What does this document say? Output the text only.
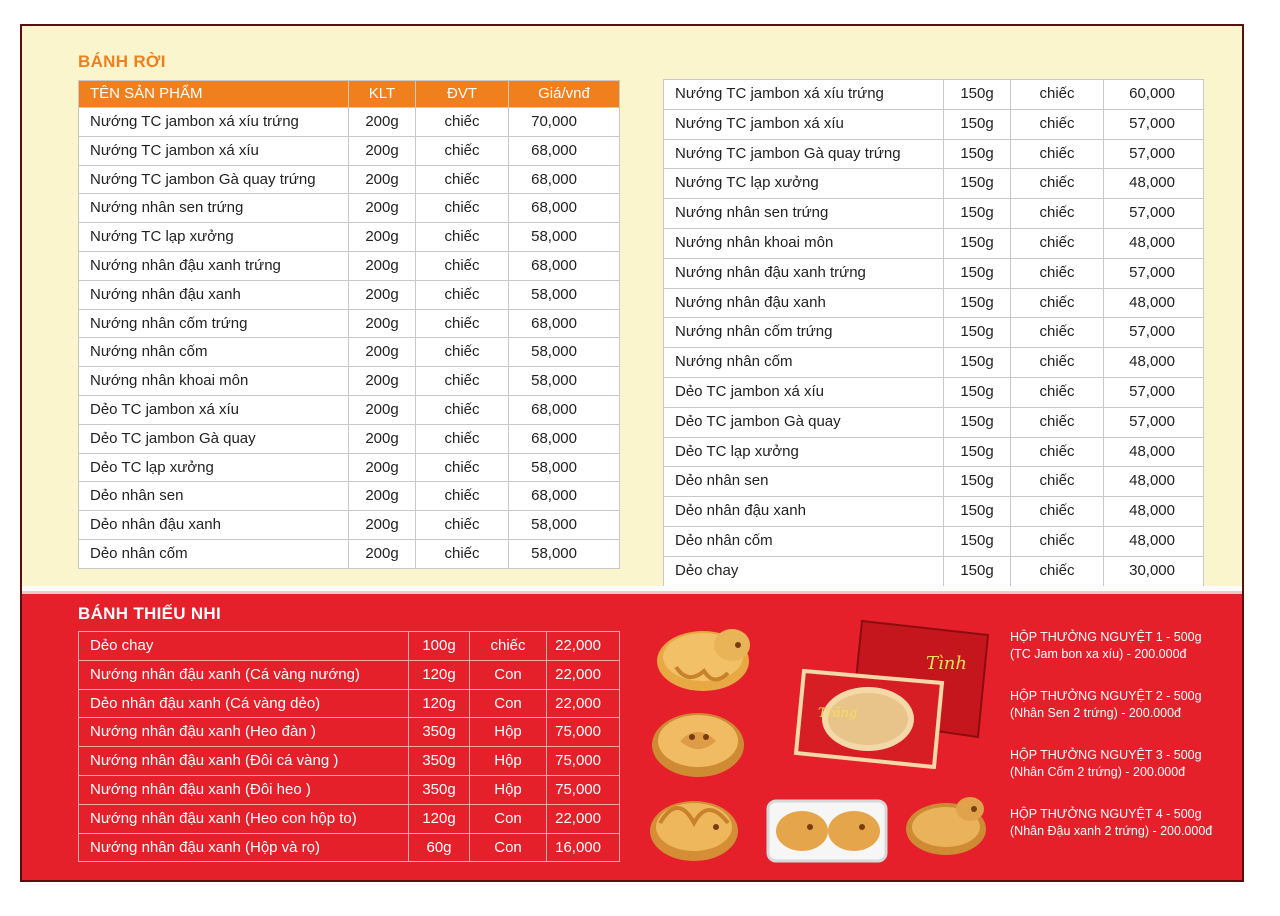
BÁNH RỜI
TÊN SẢN PHẨM	KLT	ĐVT	Giá/vnđ
Nướng TC jambon xá xíu trứng	200g	chiếc	70,000
Nướng TC jambon xá xíu	200g	chiếc	68,000
Nướng TC jambon Gà quay trứng	200g	chiếc	68,000
Nướng nhân sen trứng	200g	chiếc	68,000
Nướng TC lạp xưởng	200g	chiếc	58,000
Nướng nhân đậu xanh trứng	200g	chiếc	68,000
Nướng nhân đậu xanh	200g	chiếc	58,000
Nướng nhân cốm trứng	200g	chiếc	68,000
Nướng nhân cốm	200g	chiếc	58,000
Nướng nhân khoai môn	200g	chiếc	58,000
Dẻo TC jambon xá xíu	200g	chiếc	68,000
Dẻo TC jambon Gà quay	200g	chiếc	68,000
Dẻo TC lạp xưởng	200g	chiếc	58,000
Dẻo nhân sen	200g	chiếc	68,000
Dẻo nhân đậu xanh	200g	chiếc	58,000
Dẻo nhân cốm	200g	chiếc	58,000
Nướng TC jambon xá xíu trứng	150g	chiếc	60,000
Nướng TC jambon xá xíu	150g	chiếc	57,000
Nướng TC jambon Gà quay trứng	150g	chiếc	57,000
Nướng TC lạp xưởng	150g	chiếc	48,000
Nướng nhân sen trứng	150g	chiếc	57,000
Nướng nhân khoai môn	150g	chiếc	48,000
Nướng nhân đậu xanh trứng	150g	chiếc	57,000
Nướng nhân đậu xanh	150g	chiếc	48,000
Nướng nhân cốm trứng	150g	chiếc	57,000
Nướng nhân cốm	150g	chiếc	48,000
Dẻo TC jambon xá xíu	150g	chiếc	57,000
Dẻo TC jambon Gà quay	150g	chiếc	57,000
Dẻo TC lạp xưởng	150g	chiếc	48,000
Dẻo nhân sen	150g	chiếc	48,000
Dẻo nhân đậu xanh	150g	chiếc	48,000
Dẻo nhân cốm	150g	chiếc	48,000
Dẻo chay	150g	chiếc	30,000
BÁNH THIẾU NHI
Dẻo chay	100g	chiếc	22,000
Nướng nhân đậu xanh (Cá vàng nướng)	120g	Con	22,000
Dẻo nhân đậu xanh (Cá vàng dẻo)	120g	Con	22,000
Nướng nhân đậu xanh (Heo đàn )	350g	Hộp	75,000
Nướng nhân đậu xanh (Đôi cá vàng )	350g	Hộp	75,000
Nướng nhân đậu xanh (Đôi heo )	350g	Hộp	75,000
Nướng nhân đậu xanh (Heo con hộp to)	120g	Con	22,000
Nướng nhân đậu xanh (Hộp và rọ)	60g	Con	16,000
Trăng
Tình
HỘP THƯỞNG NGUYỆT 1 - 500g
(TC Jam bon xa xíu) - 200.000đ
HỘP THƯỞNG NGUYỆT 2 - 500g
(Nhân Sen 2 trứng) - 200.000đ
HỘP THƯỞNG NGUYỆT 3 - 500g
(Nhân Cốm 2 trứng) - 200.000đ
HỘP THƯỞNG NGUYỆT 4 - 500g
(Nhân Đậu xanh 2 trứng) - 200.000đ
